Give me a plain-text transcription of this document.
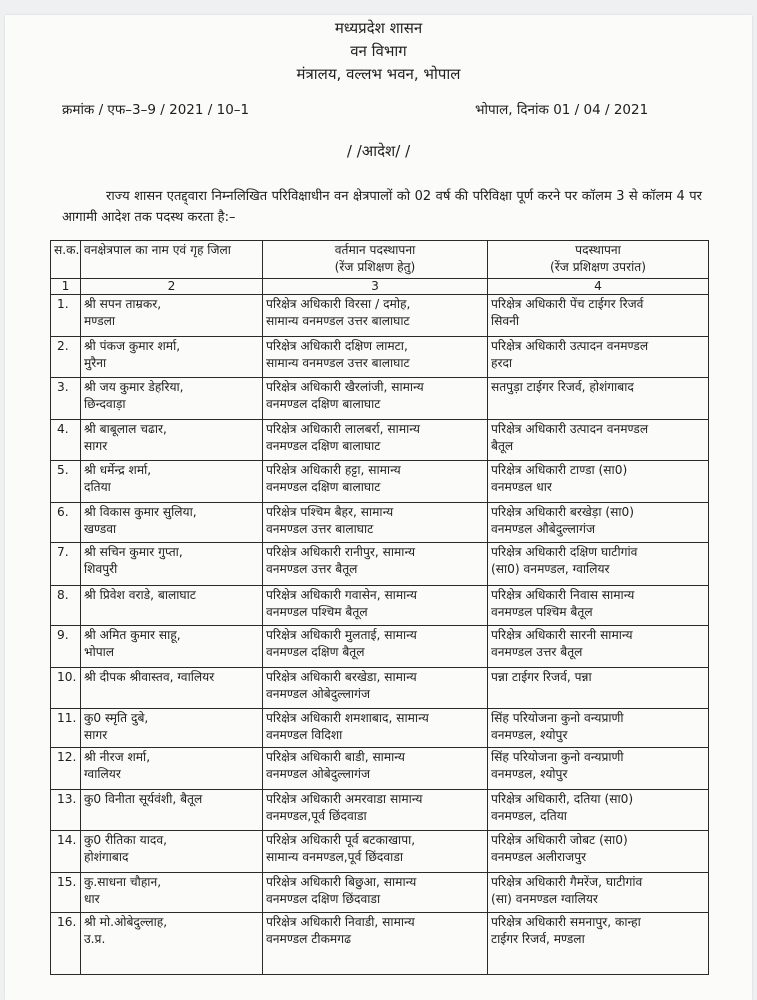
मध्यप्रदेश शासन
वन विभाग
मंत्रालय, वल्लभ भवन, भोपाल
क्रमांक / एफ–3–9 / 2021 / 10–1	भोपाल, दिनांक 01 / 04 / 2021
/ /आदेश/ /
राज्य शासन एतद्द्वारा निम्नलिखित परिविक्षाधीन वन क्षेत्रपालों को 02 वर्ष की परिविक्षा पूर्ण करने पर कॉलम 3 से कॉलम 4 पर आगामी आदेश तक पदस्थ करता है:–
स.क.	वनक्षेत्रपाल का नाम एवं गृह जिला	वर्तमान पदस्थापना
(रेंज प्रशिक्षण हेतु)	पदस्थापना
(रेंज प्रशिक्षण उपरांत)

1	2	3	4
1.	श्री सपन ताम्रकर,
मण्डला	परिक्षेत्र अधिकारी विरसा / दमोह,
सामान्य वनमण्डल उत्तर बालाघाट	परिक्षेत्र अधिकारी पेंच टाईगर रिजर्व
सिवनी

2.	श्री पंकज कुमार शर्मा,
मुरैना	परिक्षेत्र अधिकारी दक्षिण लामटा,
सामान्य वनमण्डल उत्तर बालाघाट	परिक्षेत्र अधिकारी उत्पादन वनमण्डल
हरदा

3.	श्री जय कुमार डेहरिया,
छिन्दवाड़ा	परिक्षेत्र अधिकारी खैरलांजी, सामान्य
वनमण्डल दक्षिण बालाघाट	सतपुड़ा टाईगर रिजर्व, होशंगाबाद

4.	श्री बाबूलाल चढार,
सागर	परिक्षेत्र अधिकारी लालबर्रा, सामान्य
वनमण्डल दक्षिण बालाघाट	परिक्षेत्र अधिकारी उत्पादन वनमण्डल
बैतूल

5.	श्री धर्मेन्द्र शर्मा,
दतिया	परिक्षेत्र अधिकारी हट्टा, सामान्य
वनमण्डल दक्षिण बालाघाट	परिक्षेत्र अधिकारी टाण्डा (सा0)
वनमण्डल धार

6.	श्री विकास कुमार सुलिया,
खण्डवा	परिक्षेत्र पश्चिम बैहर, सामान्य
वनमण्डल उत्तर बालाघाट	परिक्षेत्र अधिकारी बरखेड़ा (सा0)
वनमण्डल औबेदुल्लागंज

7.	श्री सचिन कुमार गुप्ता,
शिवपुरी	परिक्षेत्र अधिकारी रानीपुर, सामान्य
वनमण्डल उत्तर बैतूल	परिक्षेत्र अधिकारी दक्षिण घाटीगांव
(सा0) वनमण्डल, ग्वालियर

8.	श्री प्रिवेश वराडे, बालाघाट	परिक्षेत्र अधिकारी गवासेन, सामान्य
वनमण्डल पश्चिम बैतूल	परिक्षेत्र अधिकारी निवास सामान्य
वनमण्डल पश्चिम बैतूल

9.	श्री अमित कुमार साहू,
भोपाल	परिक्षेत्र अधिकारी मुलताई, सामान्य
वनमण्डल दक्षिण बैतूल	परिक्षेत्र अधिकारी सारनी सामान्य
वनमण्डल उत्तर बैतूल

10.	श्री दीपक श्रीवास्तव, ग्वालियर	परिक्षेत्र अधिकारी बरखेडा, सामान्य
वनमण्डल ओबेदुल्लागंज	पन्ना टाईगर रिजर्व, पन्ना

11.	कु0 स्मृति दुबे,
सागर	परिक्षेत्र अधिकारी शमशाबाद, सामान्य
वनमण्डल विदिशा	सिंह परियोजना कुनो वन्यप्राणी
वनमण्डल, श्योपुर

12.	श्री नीरज शर्मा,
ग्वालियर	परिक्षेत्र अधिकारी बाडी, सामान्य
वनमण्डल ओबेदुल्लागंज	सिंह परियोजना कुनो वन्यप्राणी
वनमण्डल, श्योपुर

13.	कु0 विनीता सूर्यवंशी, बैतूल	परिक्षेत्र अधिकारी अमरवाडा सामान्य
वनमण्डल,पूर्व छिंदवाडा	परिक्षेत्र अधिकारी, दतिया (सा0)
वनमण्डल, दतिया

14.	कु0 रीतिका यादव,
होशंगाबाद	परिक्षेत्र अधिकारी पूर्व बटकाखापा,
सामान्य वनमण्डल,पूर्व छिंदवाडा	परिक्षेत्र अधिकारी जोबट (सा0)
वनमण्डल अलीराजपुर

15.	कु.साधना चौहान,
धार	परिक्षेत्र अधिकारी बिछुआ, सामान्य
वनमण्डल दक्षिण छिंदवाडा	परिक्षेत्र अधिकारी गैमरेंज, घाटीगांव
(सा) वनमण्डल ग्वालियर

16.	श्री मो.ओबेदुल्लाह,
उ.प्र.	परिक्षेत्र अधिकारी निवाडी, सामान्य
वनमण्डल टीकमगढ	परिक्षेत्र अधिकारी समनापुर, कान्हा
टाईगर रिजर्व, मण्डला
